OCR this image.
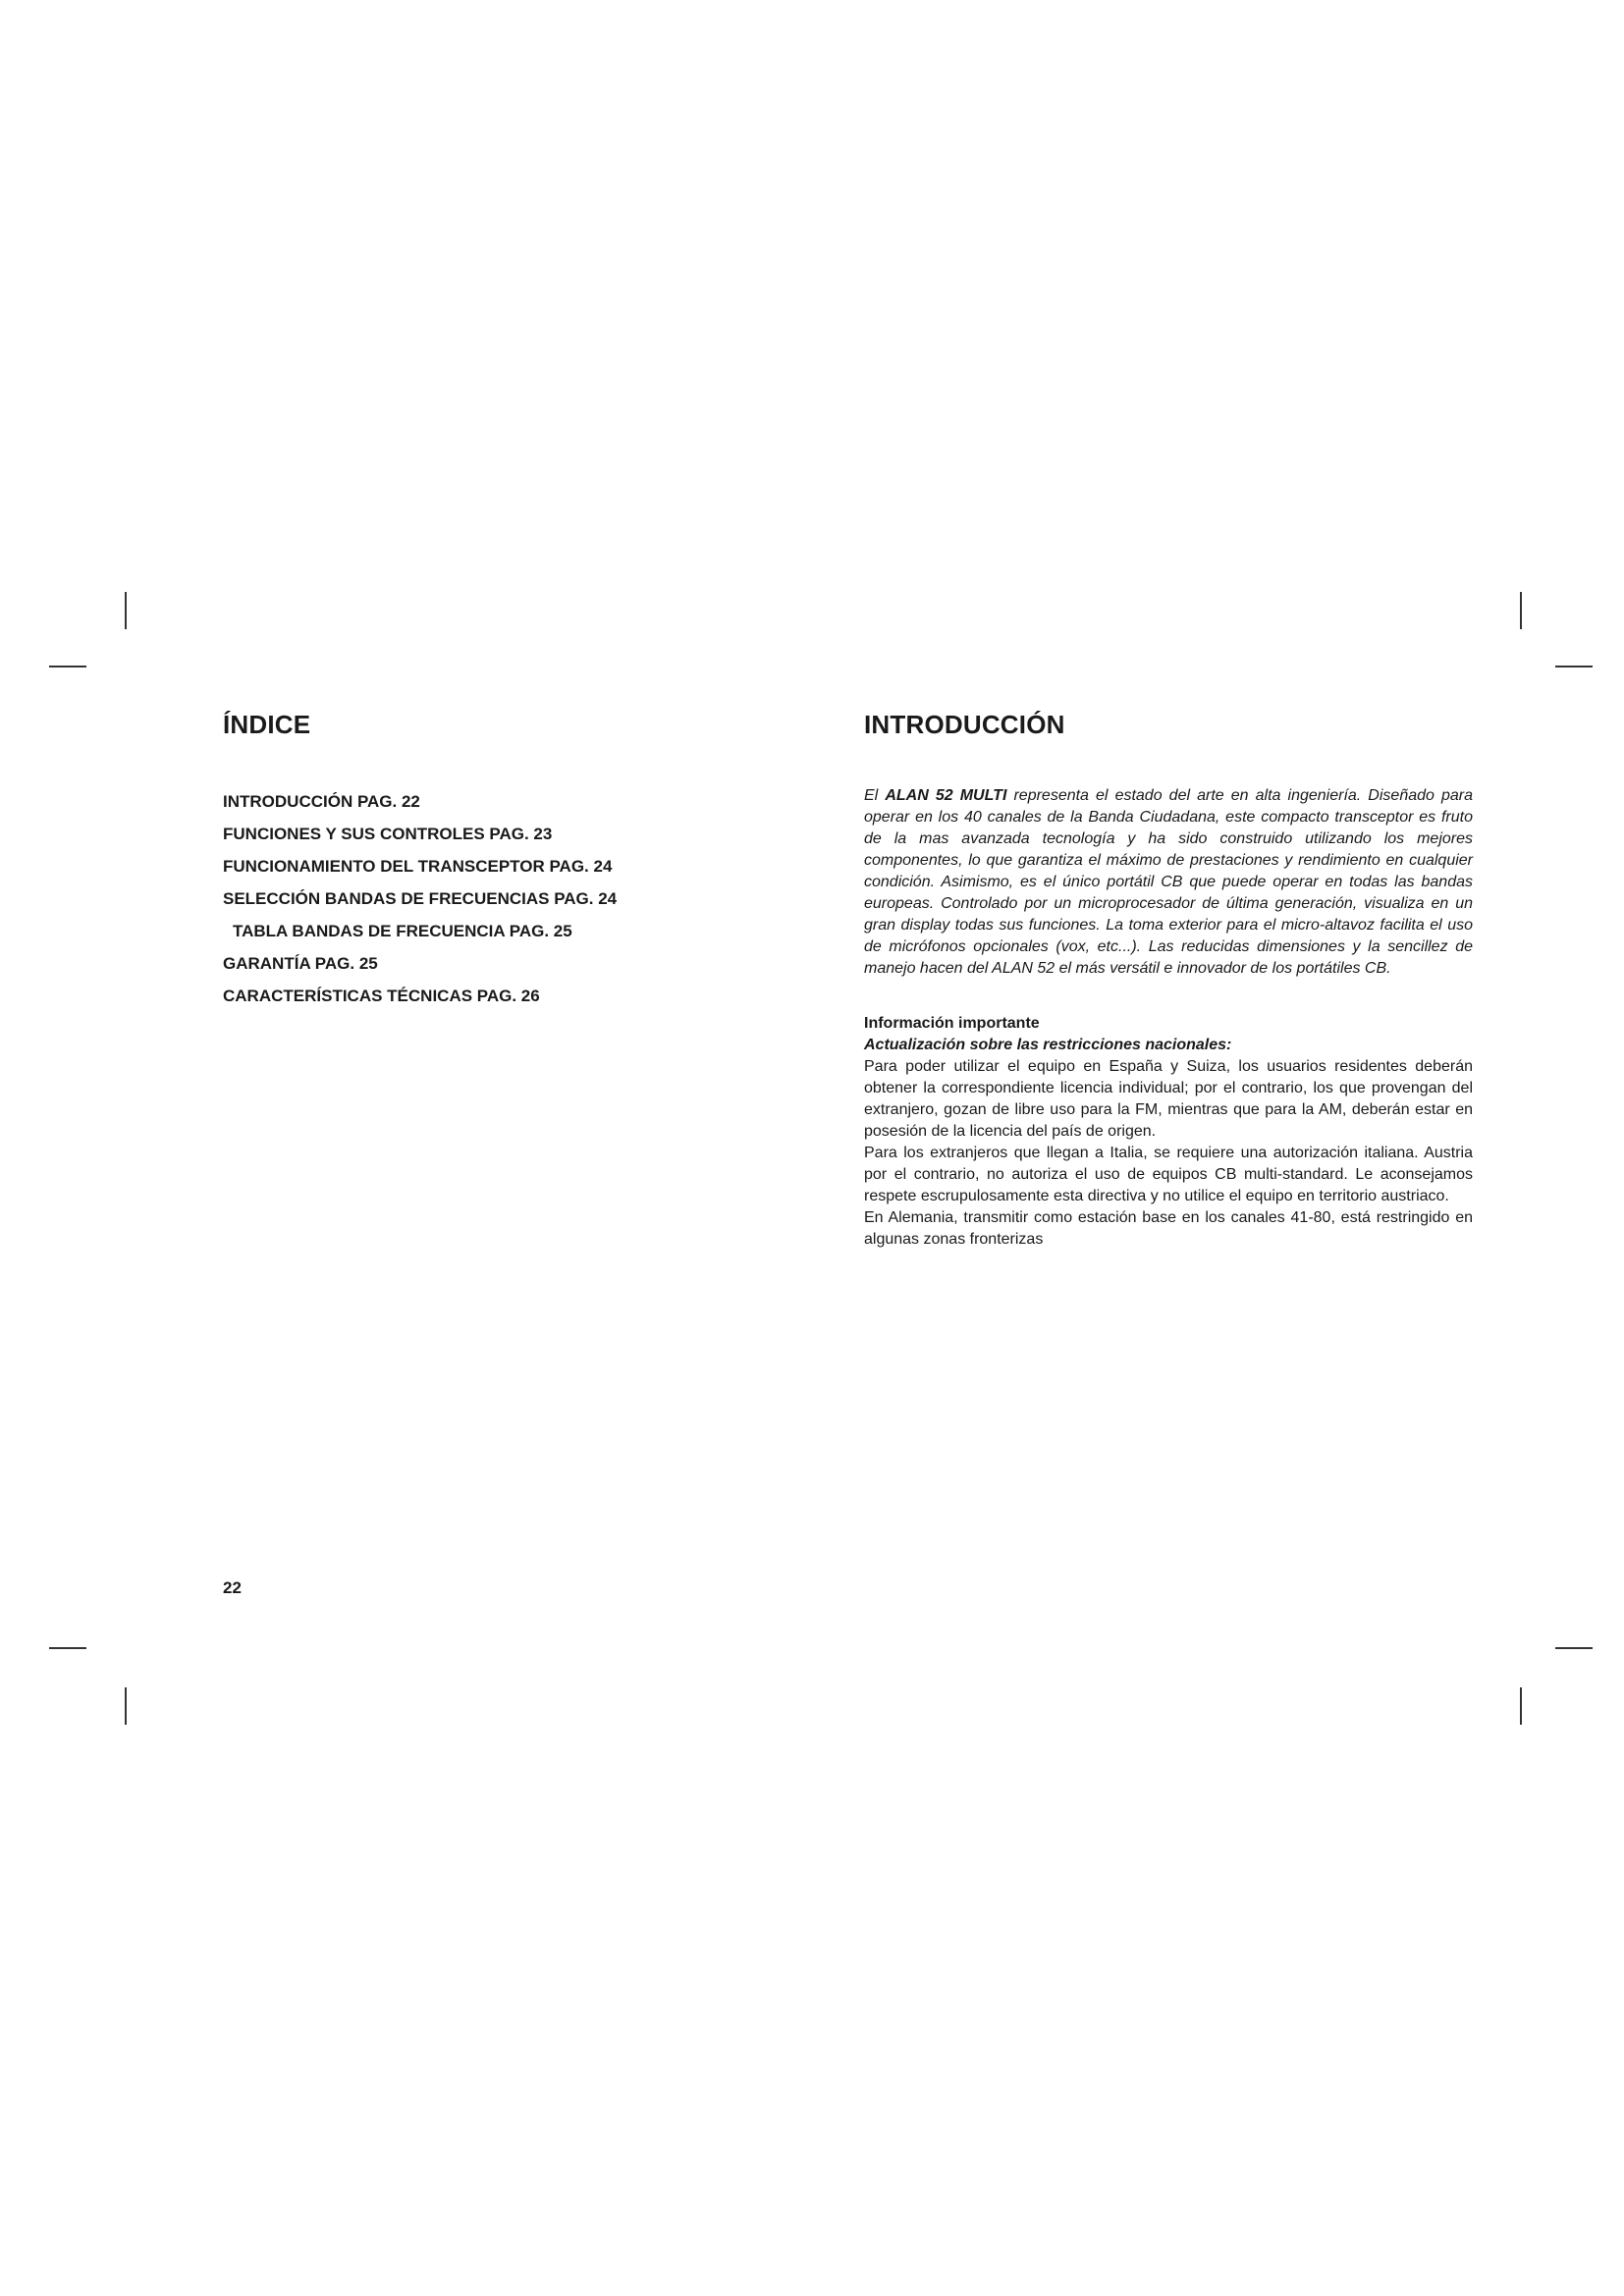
ÍNDICE
INTRODUCCIÓN PAG. 22
FUNCIONES Y SUS CONTROLES PAG. 23
FUNCIONAMIENTO DEL TRANSCEPTOR PAG. 24
SELECCIÓN BANDAS DE FRECUENCIAS PAG. 24
TABLA BANDAS DE FRECUENCIA PAG. 25
GARANTÍA PAG. 25
CARACTERÍSTICAS TÉCNICAS PAG. 26
INTRODUCCIÓN

El ALAN 52 MULTI representa el estado del arte en alta ingeniería. Diseñado para operar en los 40 canales de la Banda Ciudadana, este compacto transceptor es fruto de la mas avanzada tecnología y ha sido construido utilizando los mejores componentes, lo que garantiza el máximo de prestaciones y rendimiento en cualquier condición. Asimismo, es el único portátil CB que puede operar en todas las bandas europeas. Controlado por un microprocesador de última generación, visualiza en un gran display todas sus funciones. La toma exterior para el micro-altavoz facilita el uso de micrófonos opcionales (vox, etc...). Las reducidas dimensiones y la sencillez de manejo hacen del ALAN 52 el más versátil e innovador de los portátiles CB.

Información importante

Actualización sobre las restricciones nacionales:

Para poder utilizar el equipo en España y Suiza, los usuarios residentes deberán obtener la correspondiente licencia individual; por el contrario, los que provengan del extranjero, gozan de libre uso para la FM, mientras que para la AM, deberán estar en posesión de la licencia del país de origen.

Para los extranjeros que llegan a Italia, se requiere una autorización italiana. Austria por el contrario, no autoriza el uso de equipos CB multi-standard. Le aconsejamos respete escrupulosamente esta directiva y no utilice el equipo en territorio austriaco.

En Alemania, transmitir como estación base en los canales 41-80, está restringido en algunas zonas fronterizas

22
